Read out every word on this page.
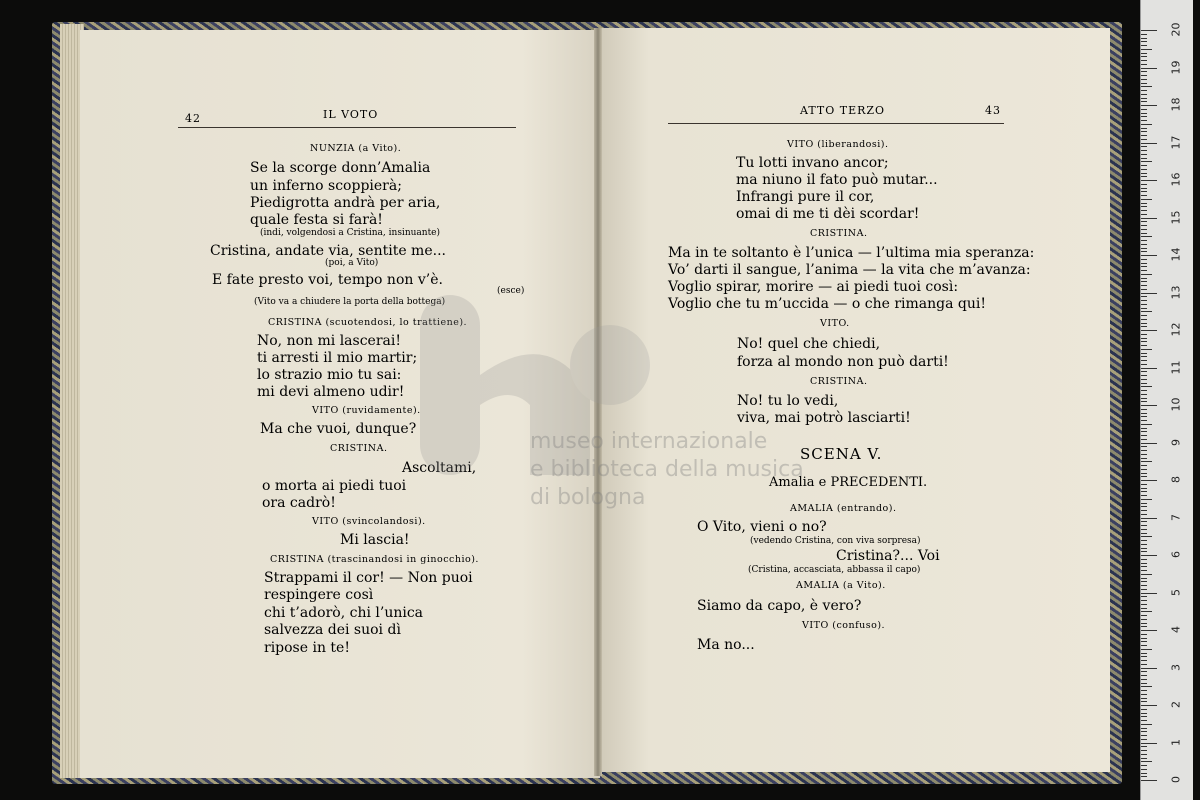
42	IL VOTO	ATTO TERZO	43
NUNZIA (a Vito).
Se la scorge donn’Amalia
un inferno scoppierà;
Piedigrotta andrà per aria,
quale festa si farà!
(indi, volgendosi a Cristina, insinuante)
Cristina, andate via, sentite me...
(poi, a Vito)
E fate presto voi, tempo non v’è.
(esce)
(Vito va a chiudere la porta della bottega)
CRISTINA (scuotendosi, lo trattiene).
No, non mi lascerai!
ti arresti il mio martir;
lo strazio mio tu sai:
mi devi almeno udir!
VITO (ruvidamente).
Ma che vuoi, dunque?
CRISTINA.
Ascoltami,
o morta ai piedi tuoi
ora cadrò!
VITO (svincolandosi).
Mi lascia!
CRISTINA (trascinandosi in ginocchio).
Strappami il cor! — Non puoi
respingere così
chi t’adorò, chi l’unica
salvezza dei suoi dì
ripose in te!
VITO (liberandosi).
Tu lotti invano ancor;
ma niuno il fato può mutar...
Infrangi pure il cor,
omai di me ti dèi scordar!
CRISTINA.
Ma in te soltanto è l’unica — l’ultima mia speranza:
Vo’ darti il sangue, l’anima — la vita che m’avanza:
Voglio spirar, morire — ai piedi tuoi così:
Voglio che tu m’uccida — o che rimanga qui!
VITO.
No! quel che chiedi,
forza al mondo non può darti!
CRISTINA.
No! tu lo vedi,
viva, mai potrò lasciarti!
SCENA V.
Amalia e PRECEDENTI.
AMALIA (entrando).
O Vito, vieni o no?
(vedendo Cristina, con viva sorpresa)
Cristina?... Voi
(Cristina, accasciata, abbassa il capo)
AMALIA (a Vito).
Siamo da capo, è vero?
VITO (confuso).
Ma no...
museo internazionale
e biblioteca della musica
di bologna
20
19
18
17
16
15
14
13
12
11
10
9
8
7
6
5
4
3
2
1
0
